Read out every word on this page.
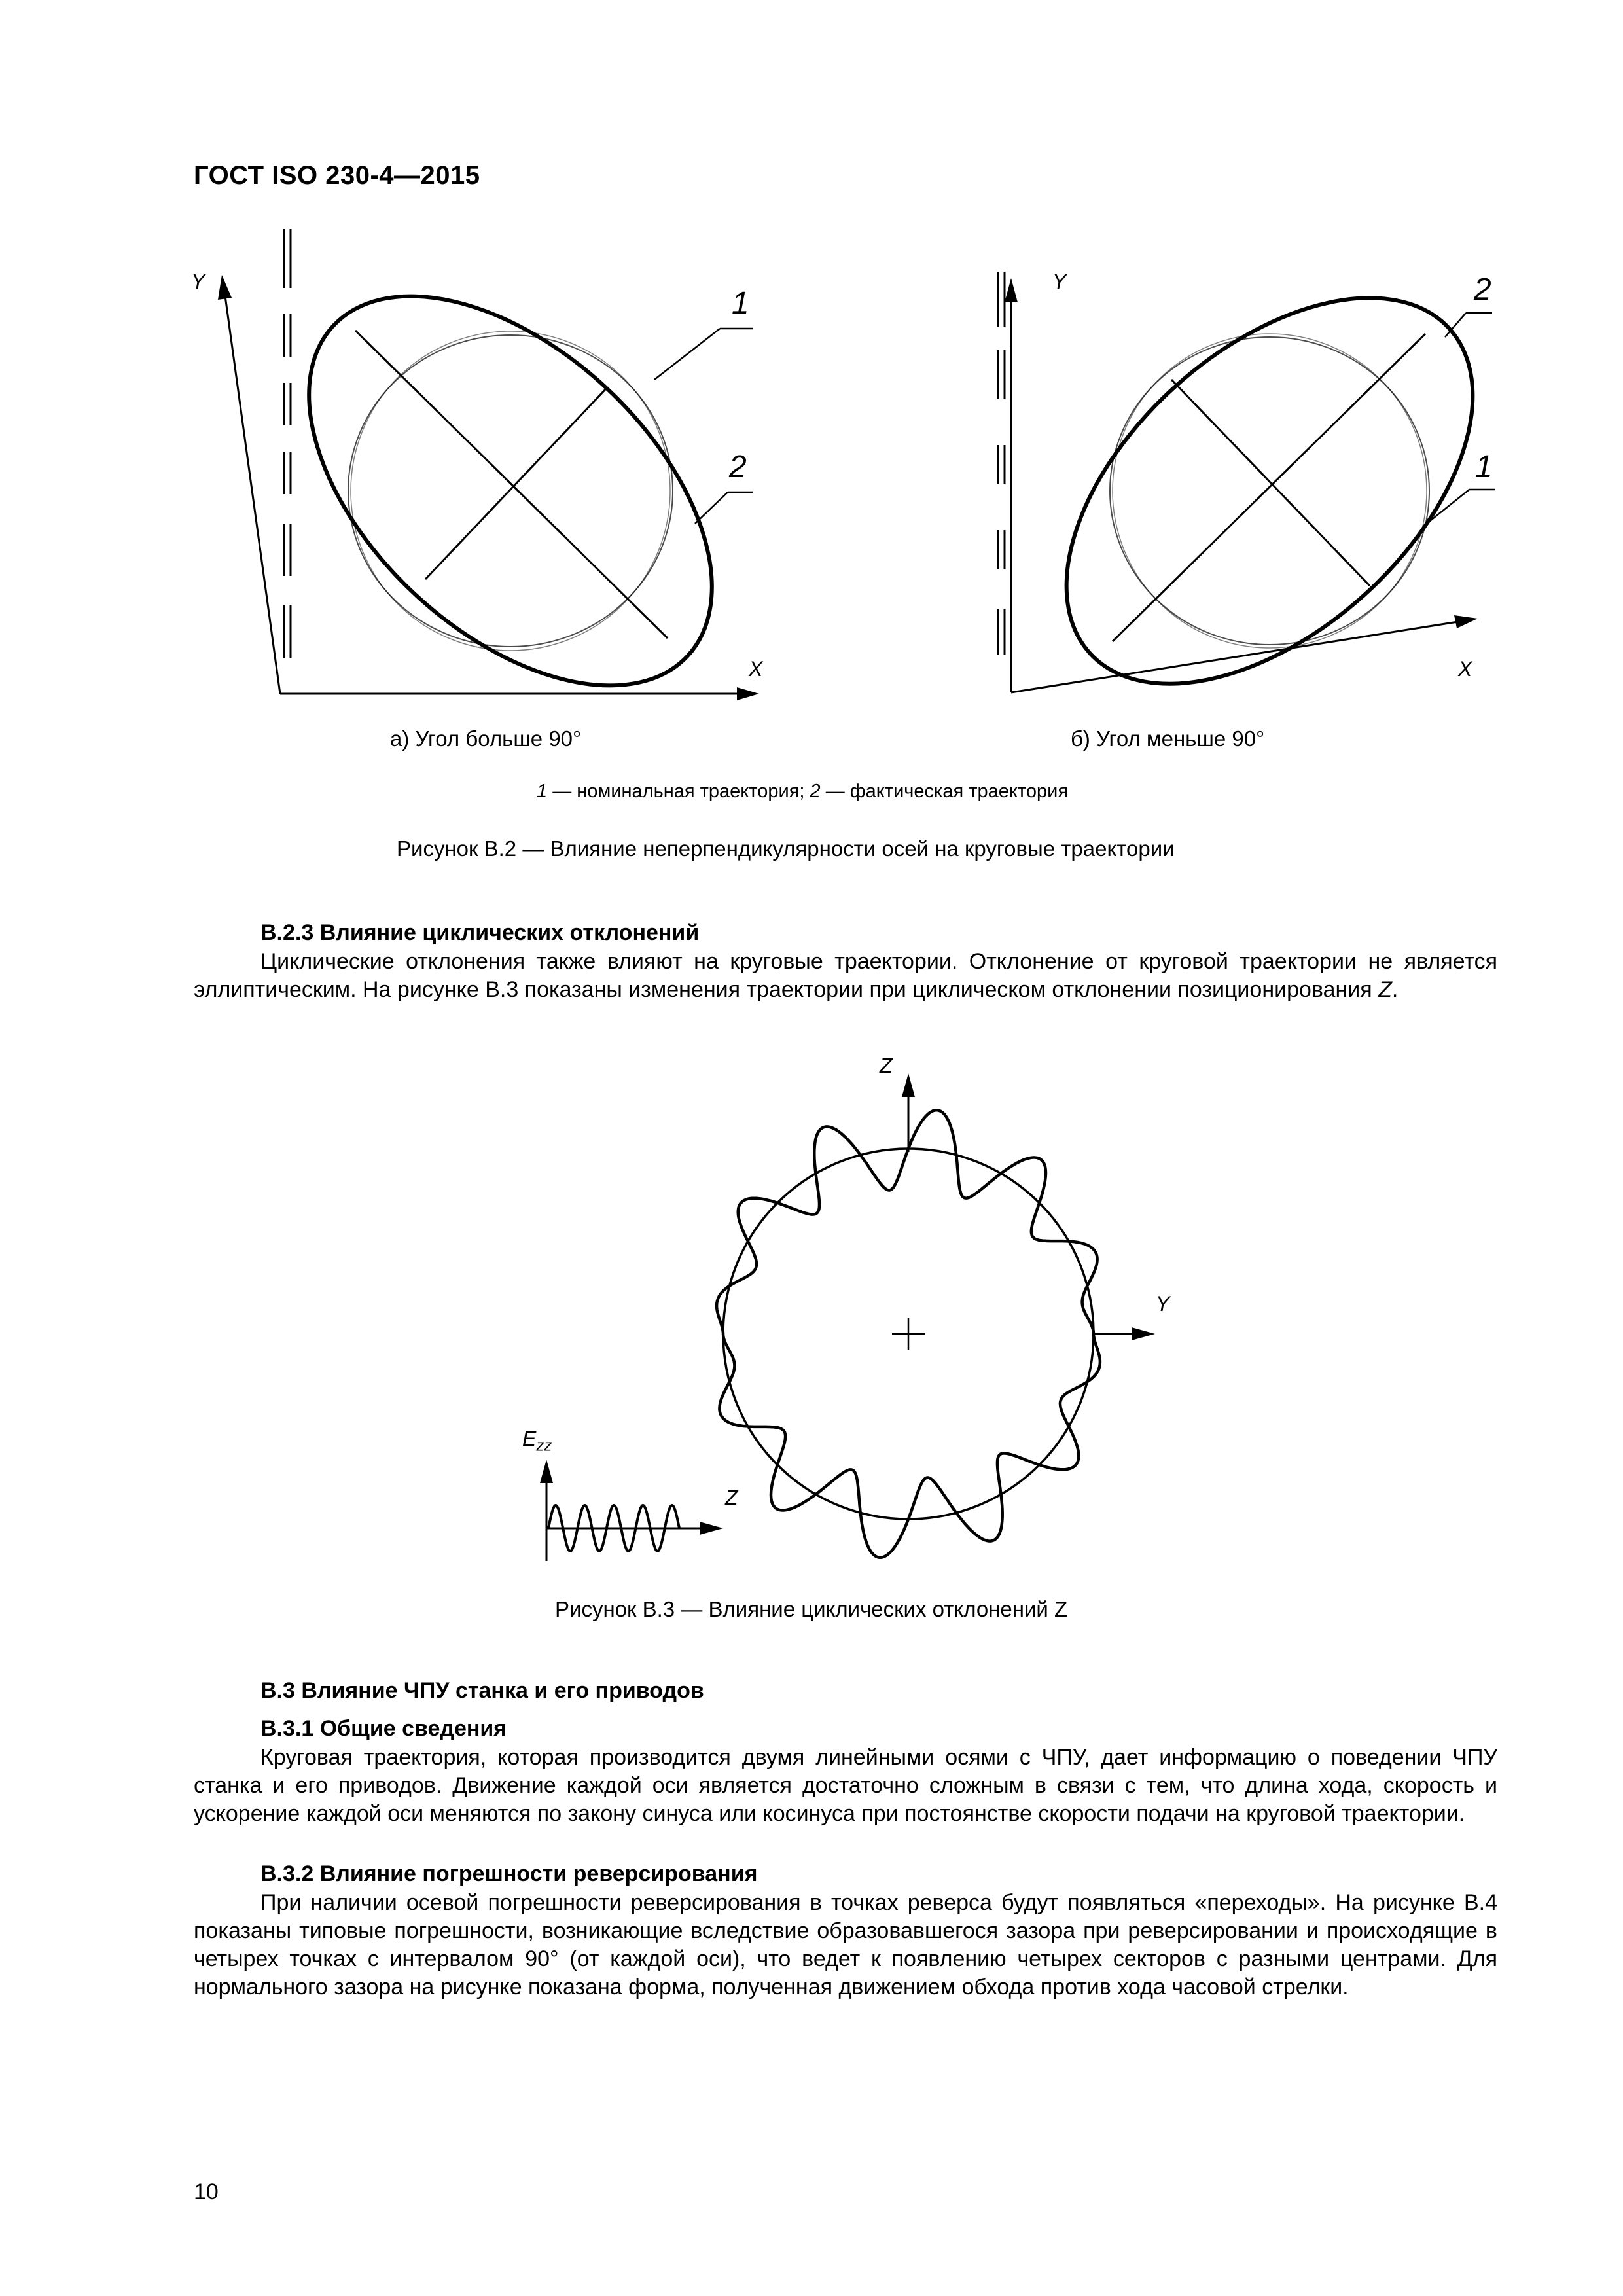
ГОСТ ISO 230-4—2015
Y
X
1
2
а) Угол больше 90°
Y
X
2
1
б) Угол меньше 90°
1 — номинальная траектория; 2 — фактическая траектория
Рисунок В.2 — Влияние неперпендикулярности осей на круговые траектории
В.2.3 Влияние циклических отклонений
Циклические отклонения также влияют на круговые траектории. Отклонение от круговой траектории не является эллиптическим. На рисунке В.3 показаны изменения траектории при циклическом отклонении позиционирования Z.
Z
Y
$E_{zz}$
Z
Рисунок В.3 — Влияние циклических отклонений Z
В.3 Влияние ЧПУ станка и его приводов
В.3.1 Общие сведения
Круговая траектория, которая производится двумя линейными осями с ЧПУ, дает информацию о поведении ЧПУ станка и его приводов. Движение каждой оси является достаточно сложным в связи с тем, что длина хода, скорость и ускорение каждой оси меняются по закону синуса или косинуса при постоянстве скорости подачи на круговой траектории.
В.3.2 Влияние погрешности реверсирования
При наличии осевой погрешности реверсирования в точках реверса будут появляться «переходы». На рисунке В.4 показаны типовые погрешности, возникающие вследствие образовавшегося зазора при реверсировании и происходящие в четырех точках с интервалом 90° (от каждой оси), что ведет к появлению четырех секторов с разными центрами. Для нормального зазора на рисунке показана форма, полученная движением обхода против хода часовой стрелки.
10
